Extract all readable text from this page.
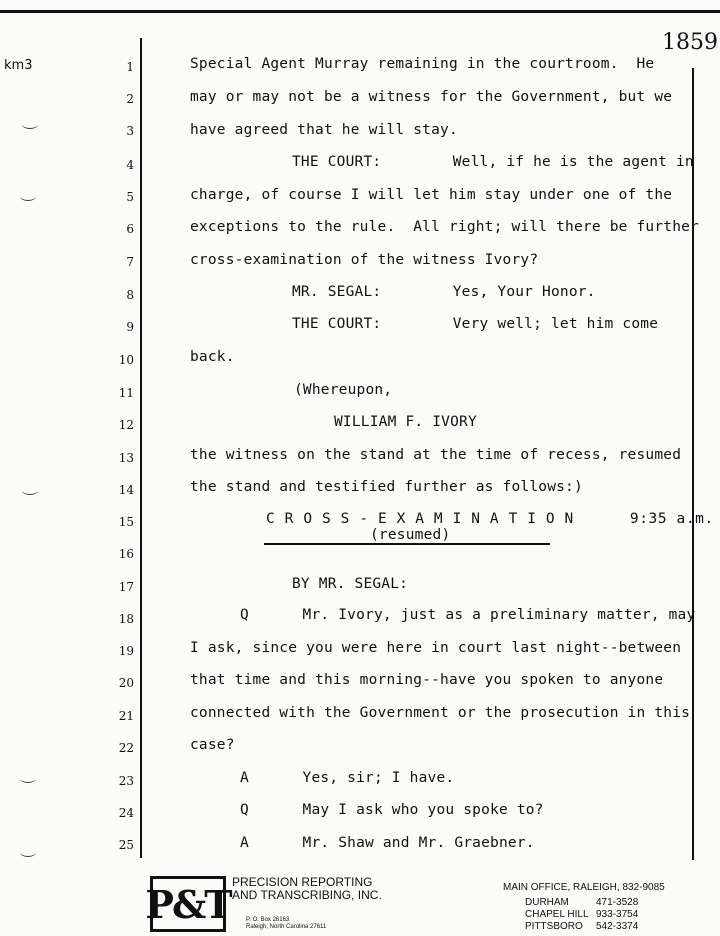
1859
km3	1
2
3
4
5
6
7
8
9
10
11
12
13
14
15
16
17
18
19
20
21
22
23
24
25
Special Agent Murray remaining in the courtroom.  He
may or may not be a witness for the Government, but we
have agreed that he will stay.
THE COURT:        Well, if he is the agent in
charge, of course I will let him stay under one of the
exceptions to the rule.  All right; will there be further
cross-examination of the witness Ivory?
MR. SEGAL:        Yes, Your Honor.
THE COURT:        Very well; let him come
back.
(Whereupon,
WILLIAM F. IVORY
the witness on the stand at the time of recess, resumed
the stand and testified further as follows:)
C R O S S - E X A M I N A T I O N      9:35 a.m.
(resumed)
BY MR. SEGAL:
Q      Mr. Ivory, just as a preliminary matter, may
I ask, since you were here in court last night--between
that time and this morning--have you spoken to anyone
connected with the Government or the prosecution in this
case?
A      Yes, sir; I have.
Q      May I ask who you spoke to?
A      Mr. Shaw and Mr. Graebner.
P&T PRECISION REPORTING
AND TRANSCRIBING, INC.
P. O. Box 26163
Raleigh, North Carolina 27611
MAIN OFFICE, RALEIGH, 832-9085
DURHAM	471-3528
CHAPEL HILL 933-3754
PITTSBORO 542-3374
